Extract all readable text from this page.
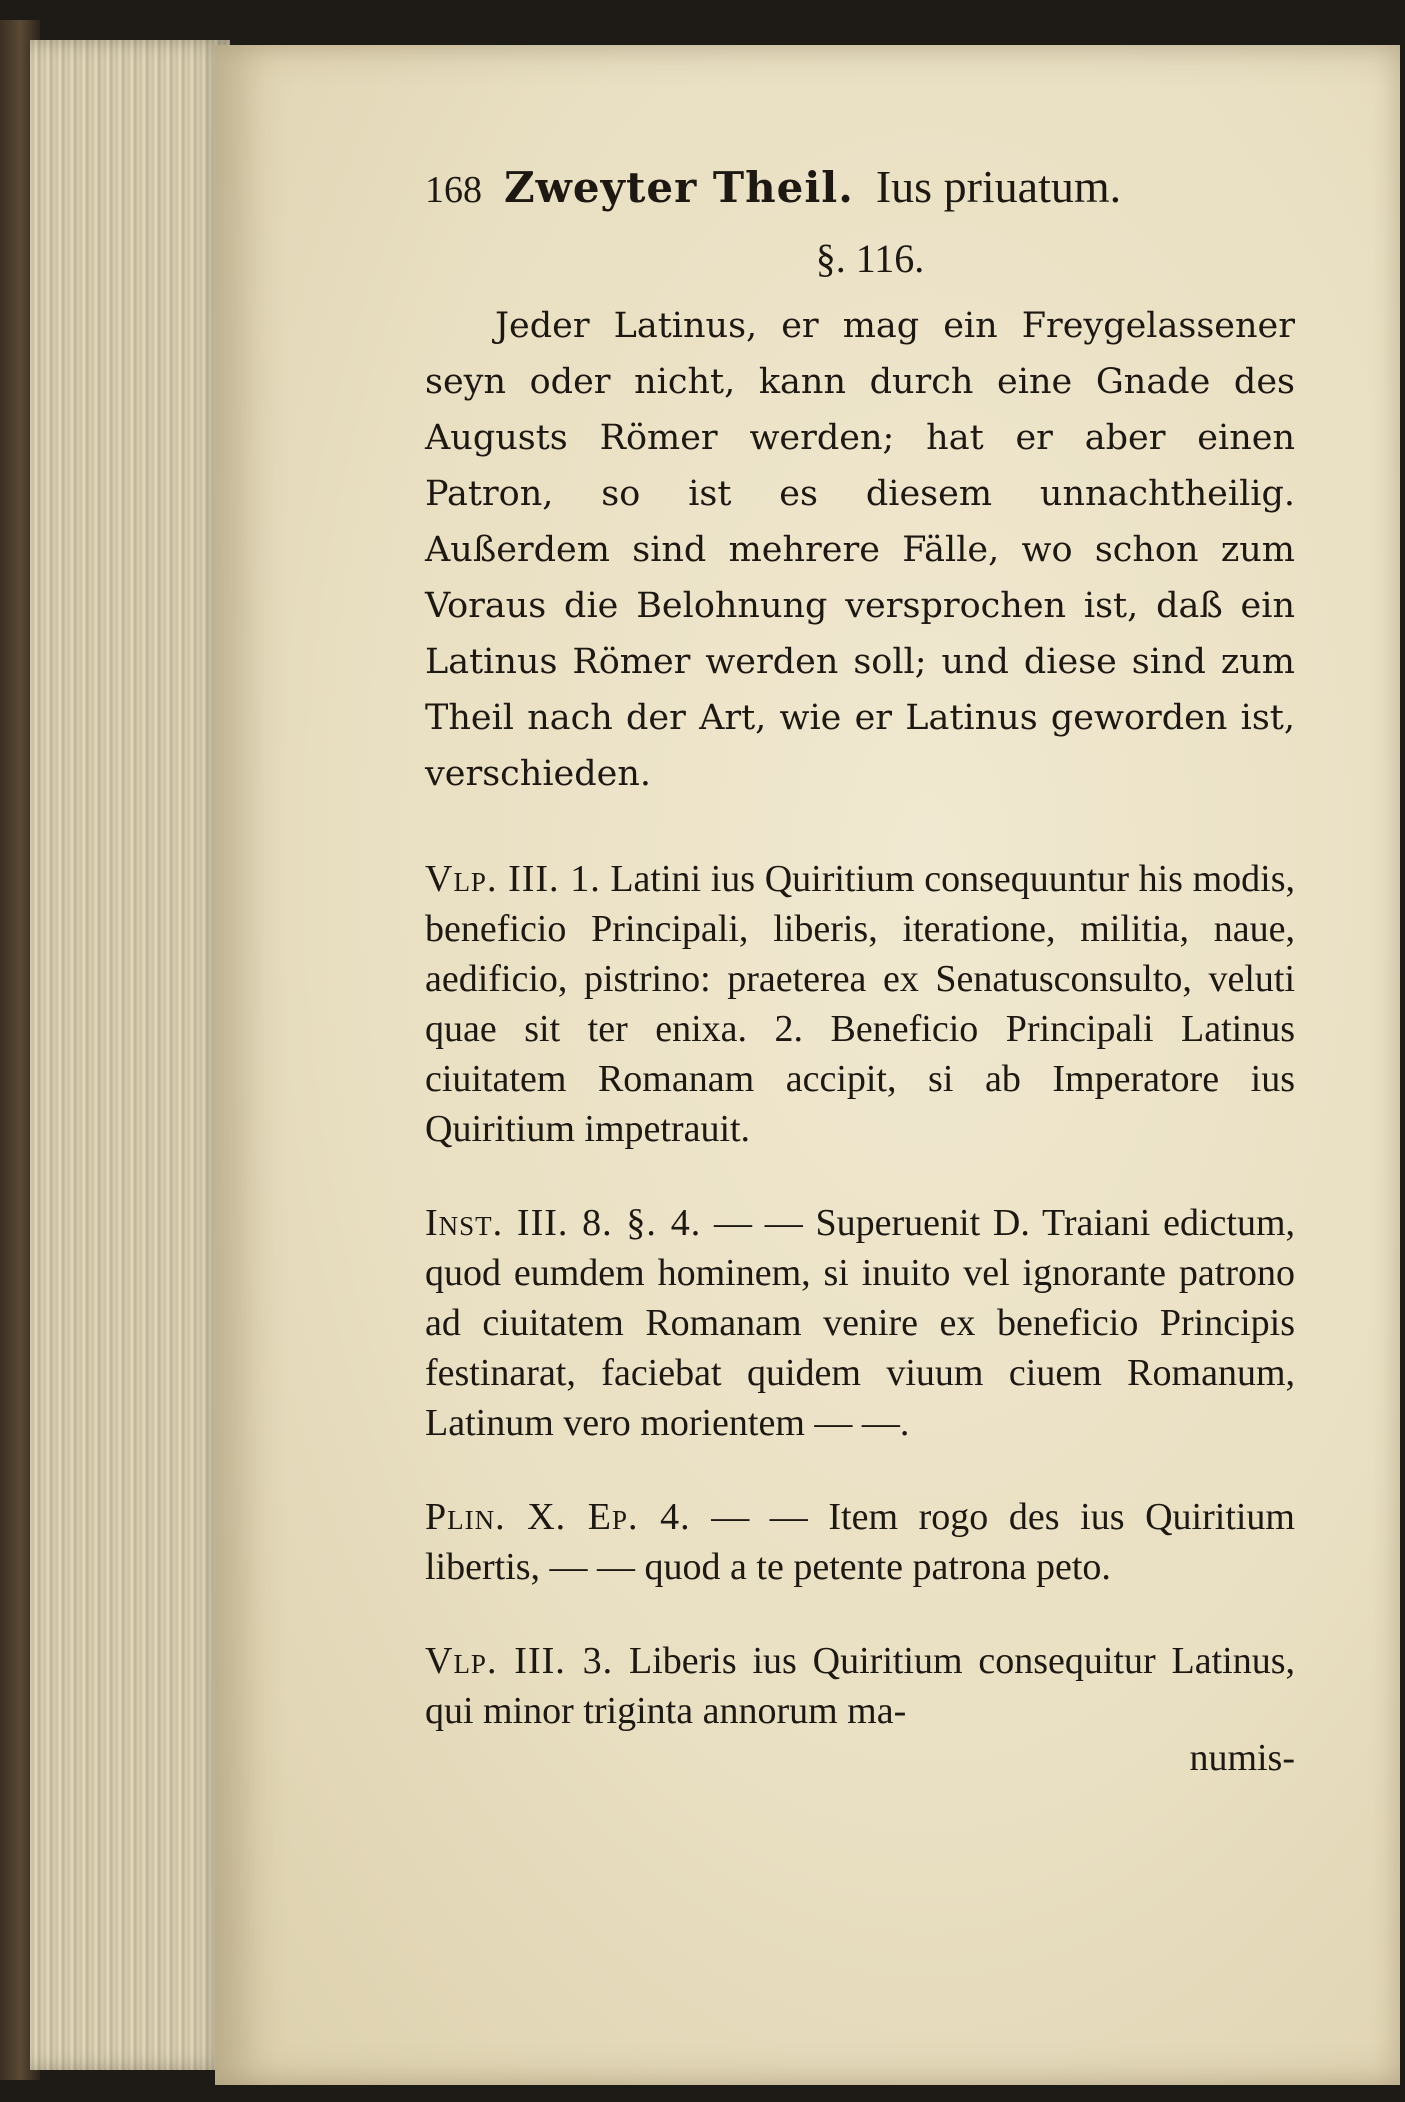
168 Zweyter Theil. Ius priuatum.
§. 116.

Jeder Latinus, er mag ein Freygelassener seyn oder nicht, kann durch eine Gnade des Augusts Römer werden; hat er aber einen Patron, so ist es diesem unnachtheilig. Außerdem sind mehrere Fälle, wo schon zum Voraus die Belohnung versprochen ist, daß ein Latinus Römer werden soll; und diese sind zum Theil nach der Art, wie er Latinus geworden ist, verschieden.

Vlp. III. 1. Latini ius Quiritium consequuntur his modis, beneficio Principali, liberis, iteratione, militia, naue, aedificio, pistrino: praeterea ex Senatusconsulto, veluti quae sit ter enixa. 2. Beneficio Principali Latinus ciuitatem Romanam accipit, si ab Imperatore ius Quiritium impetrauit.

Inst. III. 8. §. 4. — — Superuenit D. Traiani edictum, quod eumdem hominem, si inuito vel ignorante patrono ad ciuitatem Romanam venire ex beneficio Principis festinarat, faciebat quidem viuum ciuem Romanum, Latinum vero morientem — —.

Plin. X. Ep. 4. — — Item rogo des ius Quiritium libertis, — — quod a te petente patrona peto.

Vlp. III. 3. Liberis ius Quiritium consequitur Latinus, qui minor triginta annorum ma-

numis-
